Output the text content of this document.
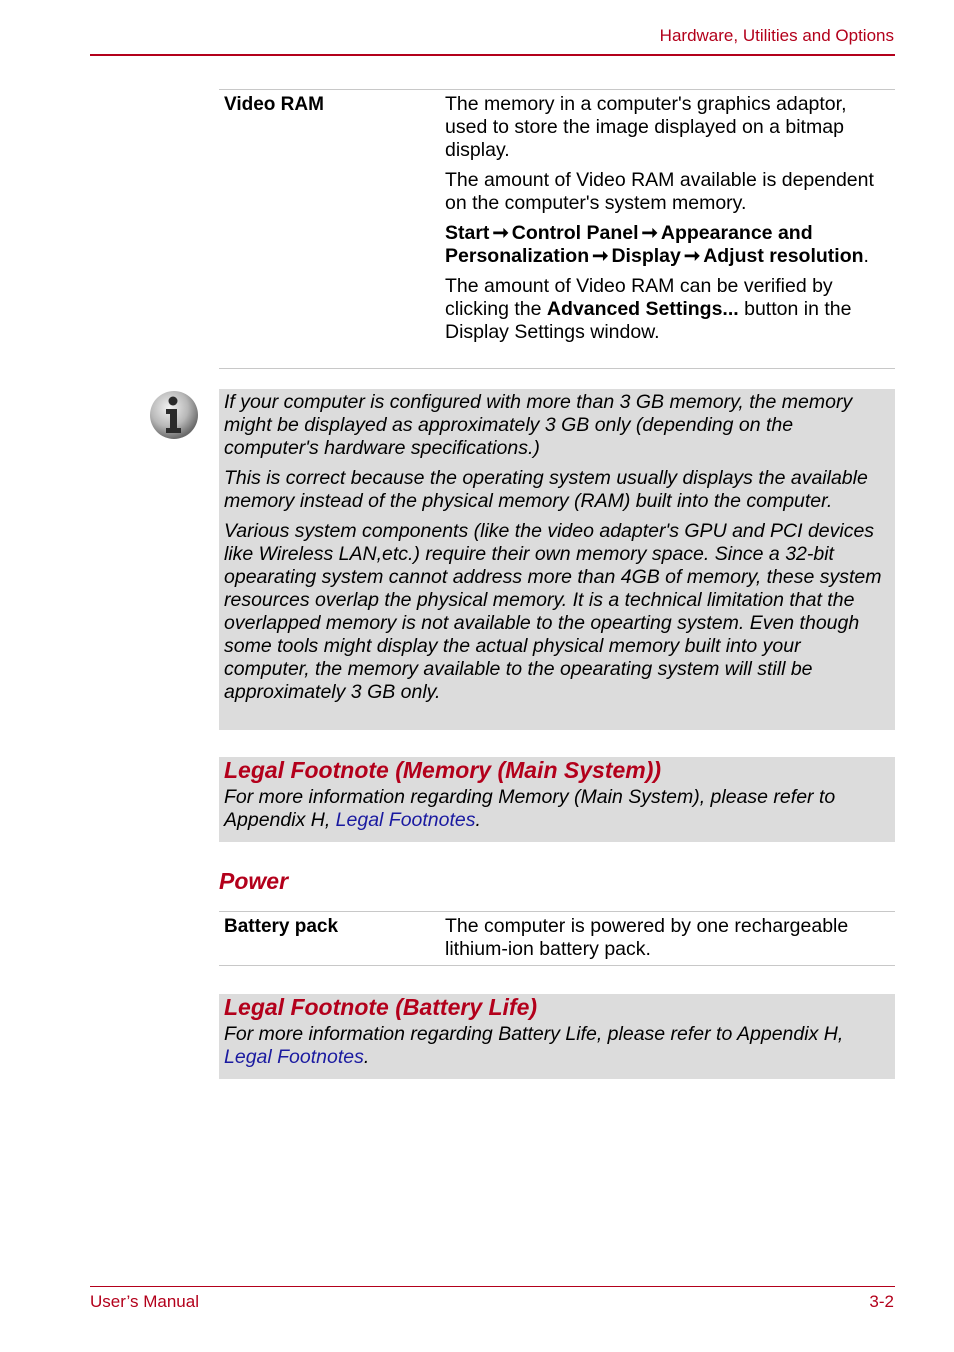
Hardware, Utilities and Options
Video RAM	The memory in a computer's graphics adaptor, used to store the image displayed on a bitmap display.

The amount of Video RAM available is dependent on the computer's system memory.

Start ➞ Control Panel ➞ Appearance and Personalization ➞ Display ➞ Adjust resolution.

The amount of Video RAM can be verified by clicking the Advanced Settings... button in the Display Settings window.

If your computer is configured with more than 3 GB memory, the memory might be displayed as approximately 3 GB only (depending on the computer's hardware specifications.)

This is correct because the operating system usually displays the available memory instead of the physical memory (RAM) built into the computer.

Various system components (like the video adapter's GPU and PCI devices like Wireless LAN,etc.) require their own memory space. Since a 32-bit opearating system cannot address more than 4GB of memory, these system resources overlap the physical memory. It is a technical limitation that the overlapped memory is not available to the opearting system. Even though some tools might display the actual physical memory built into your computer, the memory available to the opearating system will still be approximately 3 GB only.

Legal Footnote (Memory (Main System))
For more information regarding Memory (Main System), please refer to Appendix H, Legal Footnotes.
Power
Battery pack	The computer is powered by one rechargeable lithium-ion battery pack.

Legal Footnote (Battery Life)
For more information regarding Battery Life, please refer to Appendix H, Legal Footnotes.
User’s Manual	3-2
